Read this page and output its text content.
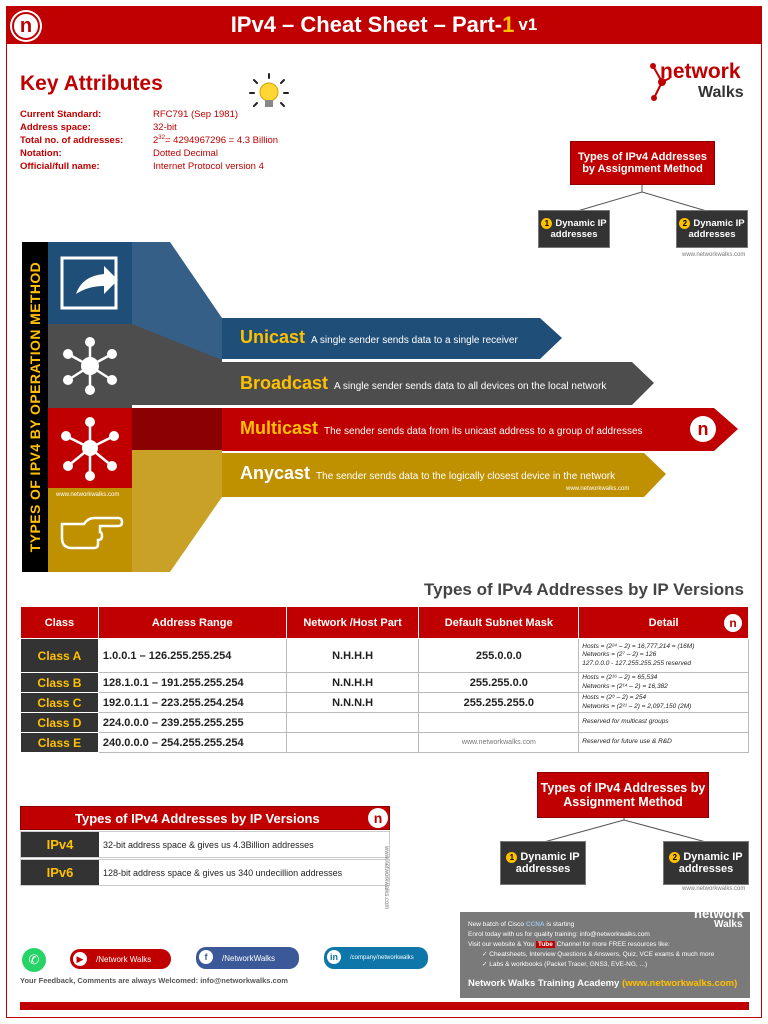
IPv4 – Cheat Sheet – Part- 1 v1
n
Key Attributes
Current Standard:	RFC791 (Sep 1981)
Address space:	32-bit
Total no. of addresses:	2 32 = 4294967296 = 4.3 Billion
Notation:	Dotted Decimal
Official/full name:	Internet Protocol version 4
network
Walks
Types of IPv4 Addresses by Assignment Method
1 Dynamic IP addresses
2 Dynamic IP addresses
www.networkwalks.com
TYPES OF IPV4 BY OPERATION METHOD www.networkwalks.com
Unicast A single sender sends data to a single receiver
Broadcast A single sender sends data to all devices on the local network
Multicast The sender sends data from its unicast address to a group of addresses
Anycast The sender sends data to the logically closest device in the network
n
www.networkwalks.com
Types of IPv4 Addresses by IP Versions
Class	Address Range	Network /Host Part	Default Subnet Mask	Detail n

Class A	1.0.0.1 – 126.255.255.254	N.H.H.H	255.0.0.0	Hosts = (2²⁴ – 2) = 16,777,214 = (16M)
Networks = (2⁷ – 2) = 126
127.0.0.0 - 127.255.255.255 reserved

Class B	128.1.0.1 – 191.255.255.254	N.N.H.H	255.255.0.0	Hosts = (2¹⁶ – 2) = 65,534
Networks = (2¹⁴ – 2) = 16,382

Class C	192.0.1.1 – 223.255.254.254	N.N.N.H	255.255.255.0	Hosts = (2⁸ – 2) = 254
Networks = (2²¹ – 2) = 2,097,150 (2M)

Class D	224.0.0.0 – 239.255.255.255			Reserved for multicast groups
Class E	240.0.0.0 – 254.255.255.254		www.networkwalks.com	Reserved for future use & R&D
Types of IPv4 Addresses by IP Versions	n
IPv4	32-bit address space & gives us 4.3Billion addresses
IPv6	128-bit address space & gives us 340 undecillion addresses	www.networkwalks.com
Types of IPv4 Addresses by Assignment Method
1 Dynamic IP addresses
2 Dynamic IP addresses
www.networkwalks.com
✆	▶	/Network Walks	f	/NetworkWalks	in	/company/networkwalks
Your Feedback, Comments are always Welcomed: info@networkwalks.com
New batch of Cisco CCNA is starting
Enrol today with us for quality training: info@networkwalks.com
Visit our website & You Tube Channel for more FREE resources like:
✓ Cheatsheets, Interview Questions & Answers, Quiz, VCE exams & much more
✓ Labs & workbooks (Packet Tracer, GNS3, EVE-NG, ...)
Network Walks Training Academy (www.networkwalks.com)
network
Walks
